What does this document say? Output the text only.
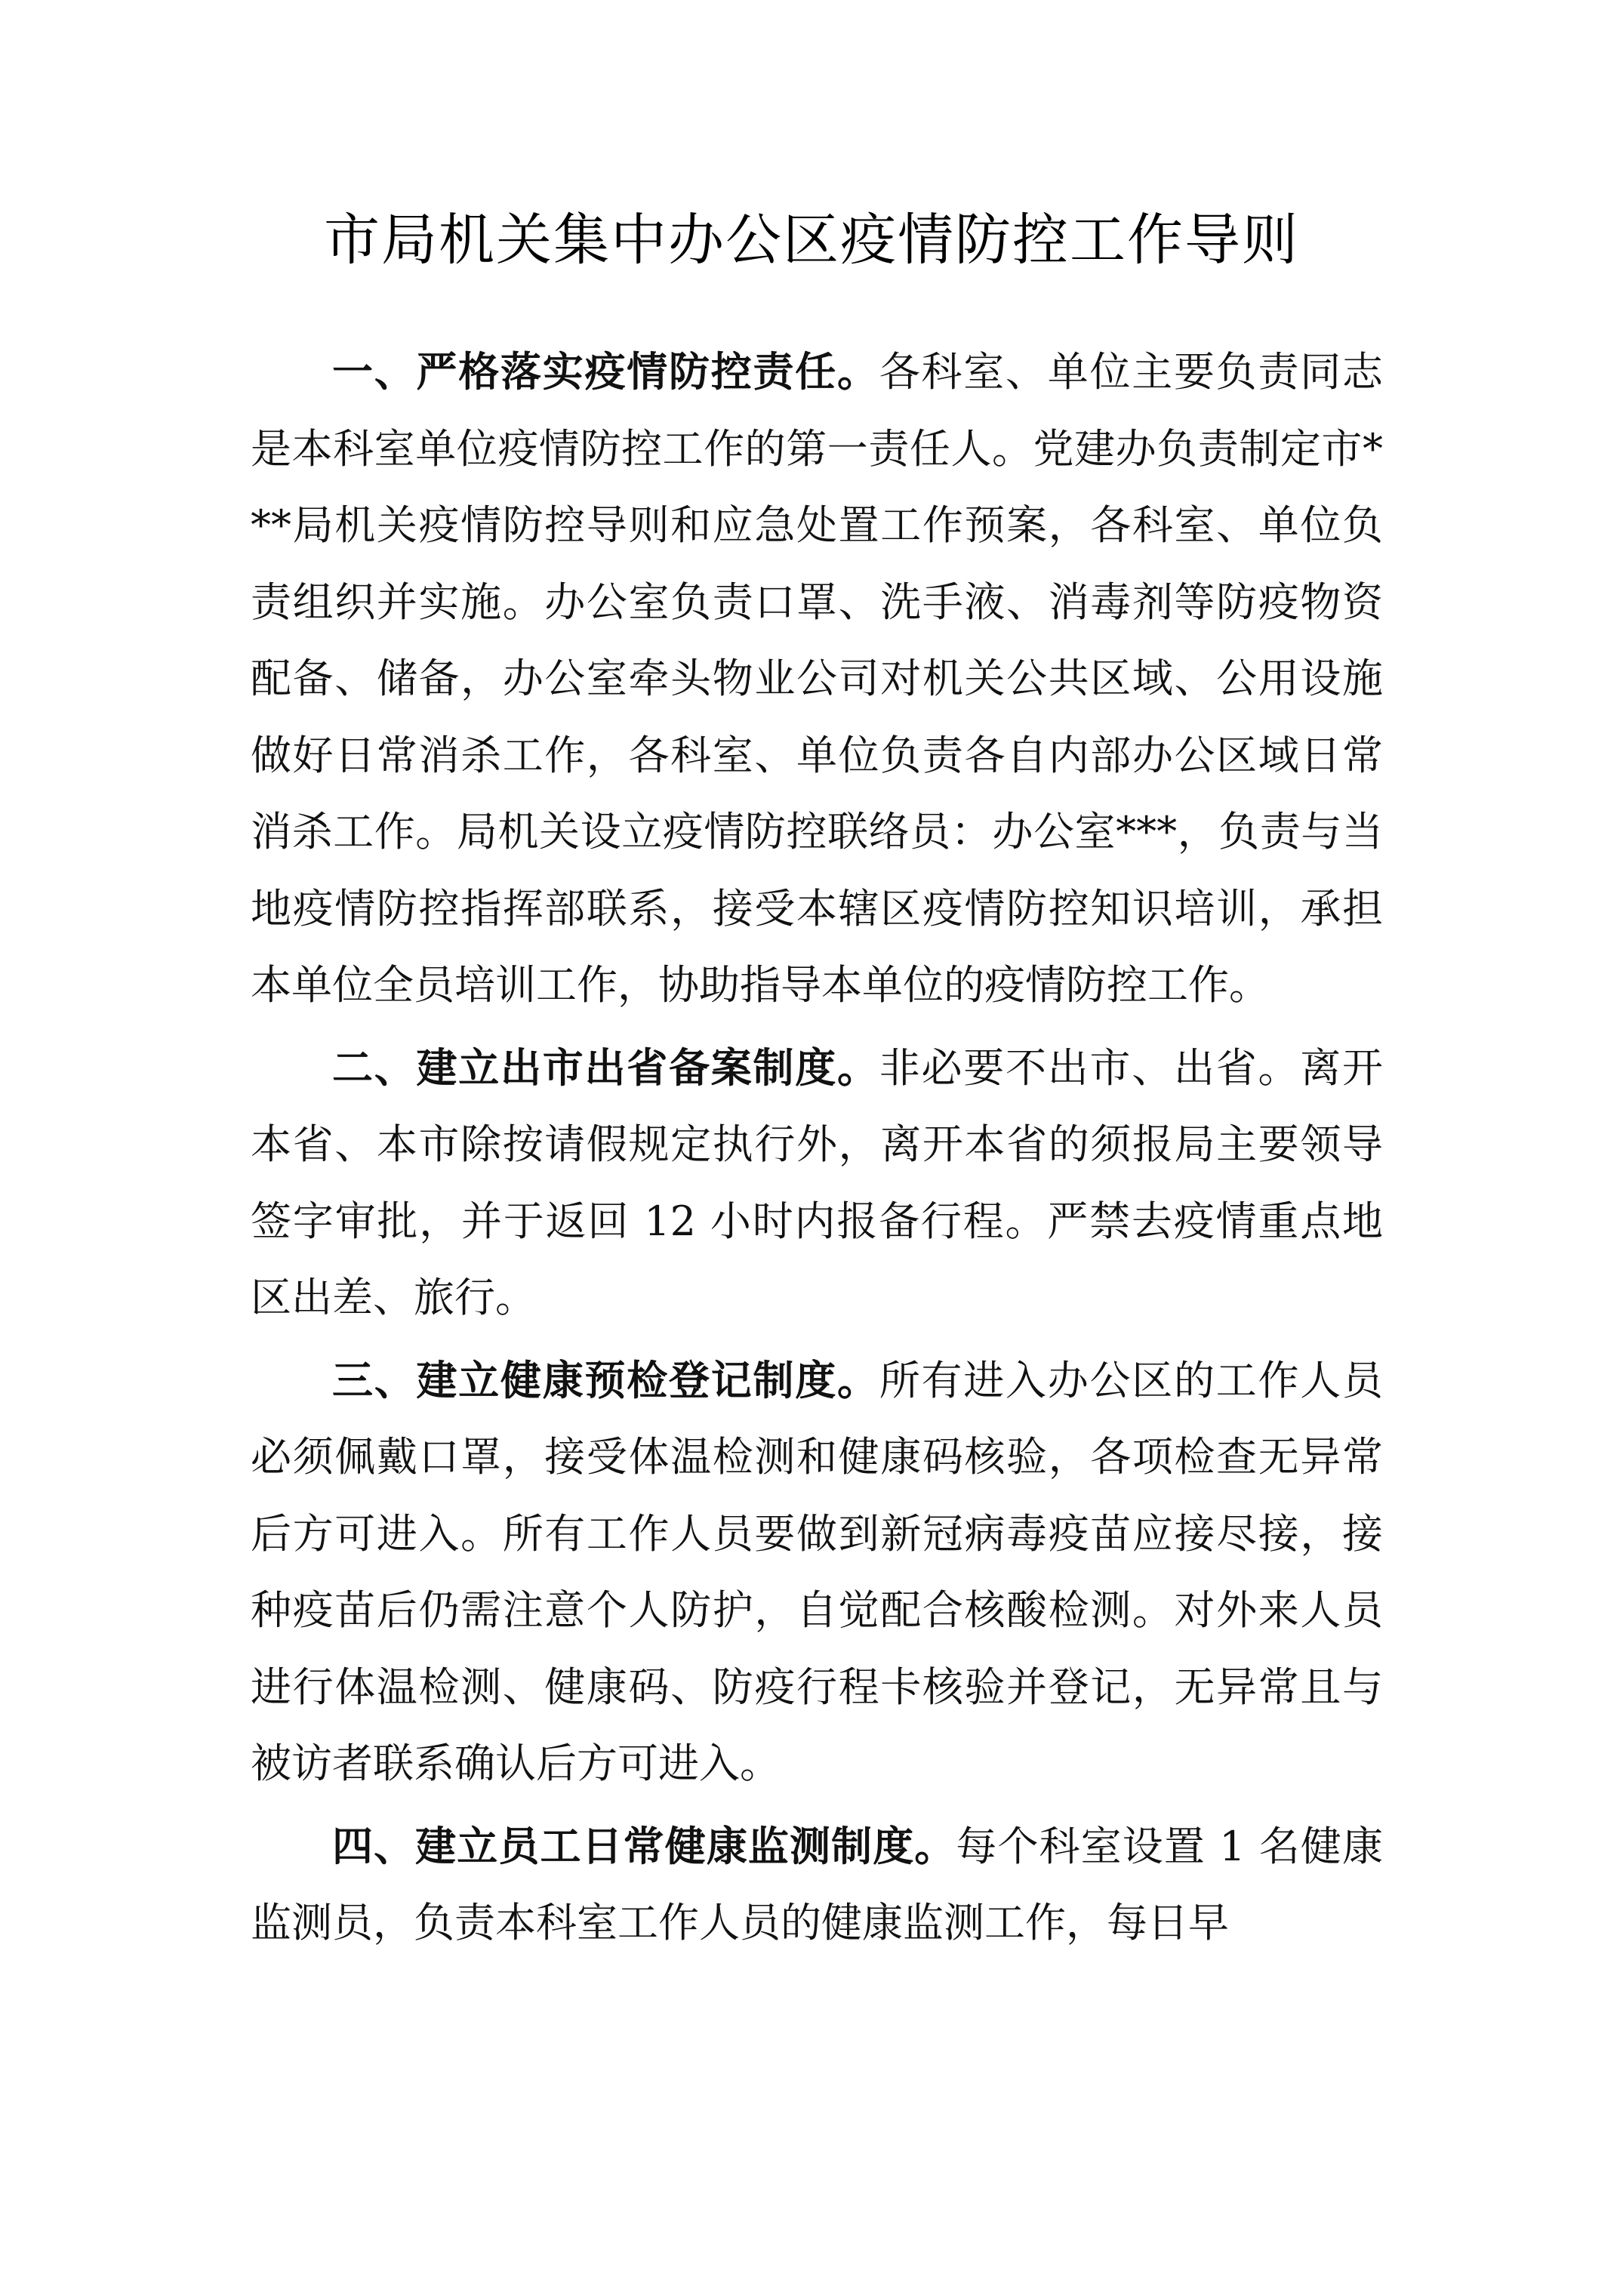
市局机关集中办公区疫情防控工作导则

一、严格落实疫情防控责任。各科室、单位主要负责同志是本科室单位疫情防控工作的第一责任人。党建办负责制定市***局机关疫情防控导则和应急处置工作预案，各科室、单位负责组织并实施。办公室负责口罩、洗手液、消毒剂等防疫物资配备、储备，办公室牵头物业公司对机关公共区域、公用设施做好日常消杀工作，各科室、单位负责各自内部办公区域日常消杀工作。局机关设立疫情防控联络员：办公室***，负责与当地疫情防控指挥部联系，接受本辖区疫情防控知识培训，承担本单位全员培训工作，协助指导本单位的疫情防控工作。

二、建立出市出省备案制度。非必要不出市、出省。离开本省、本市除按请假规定执行外，离开本省的须报局主要领导签字审批，并于返回 12 小时内报备行程。严禁去疫情重点地区出差、旅行。

三、建立健康预检登记制度。所有进入办公区的工作人员必须佩戴口罩，接受体温检测和健康码核验，各项检查无异常后方可进入。所有工作人员要做到新冠病毒疫苗应接尽接，接种疫苗后仍需注意个人防护，自觉配合核酸检测。对外来人员进行体温检测、健康码、防疫行程卡核验并登记，无异常且与被访者联系确认后方可进入。

四、建立员工日常健康监测制度。每个科室设置 1 名健康监测员，负责本科室工作人员的健康监测工作，每日早
